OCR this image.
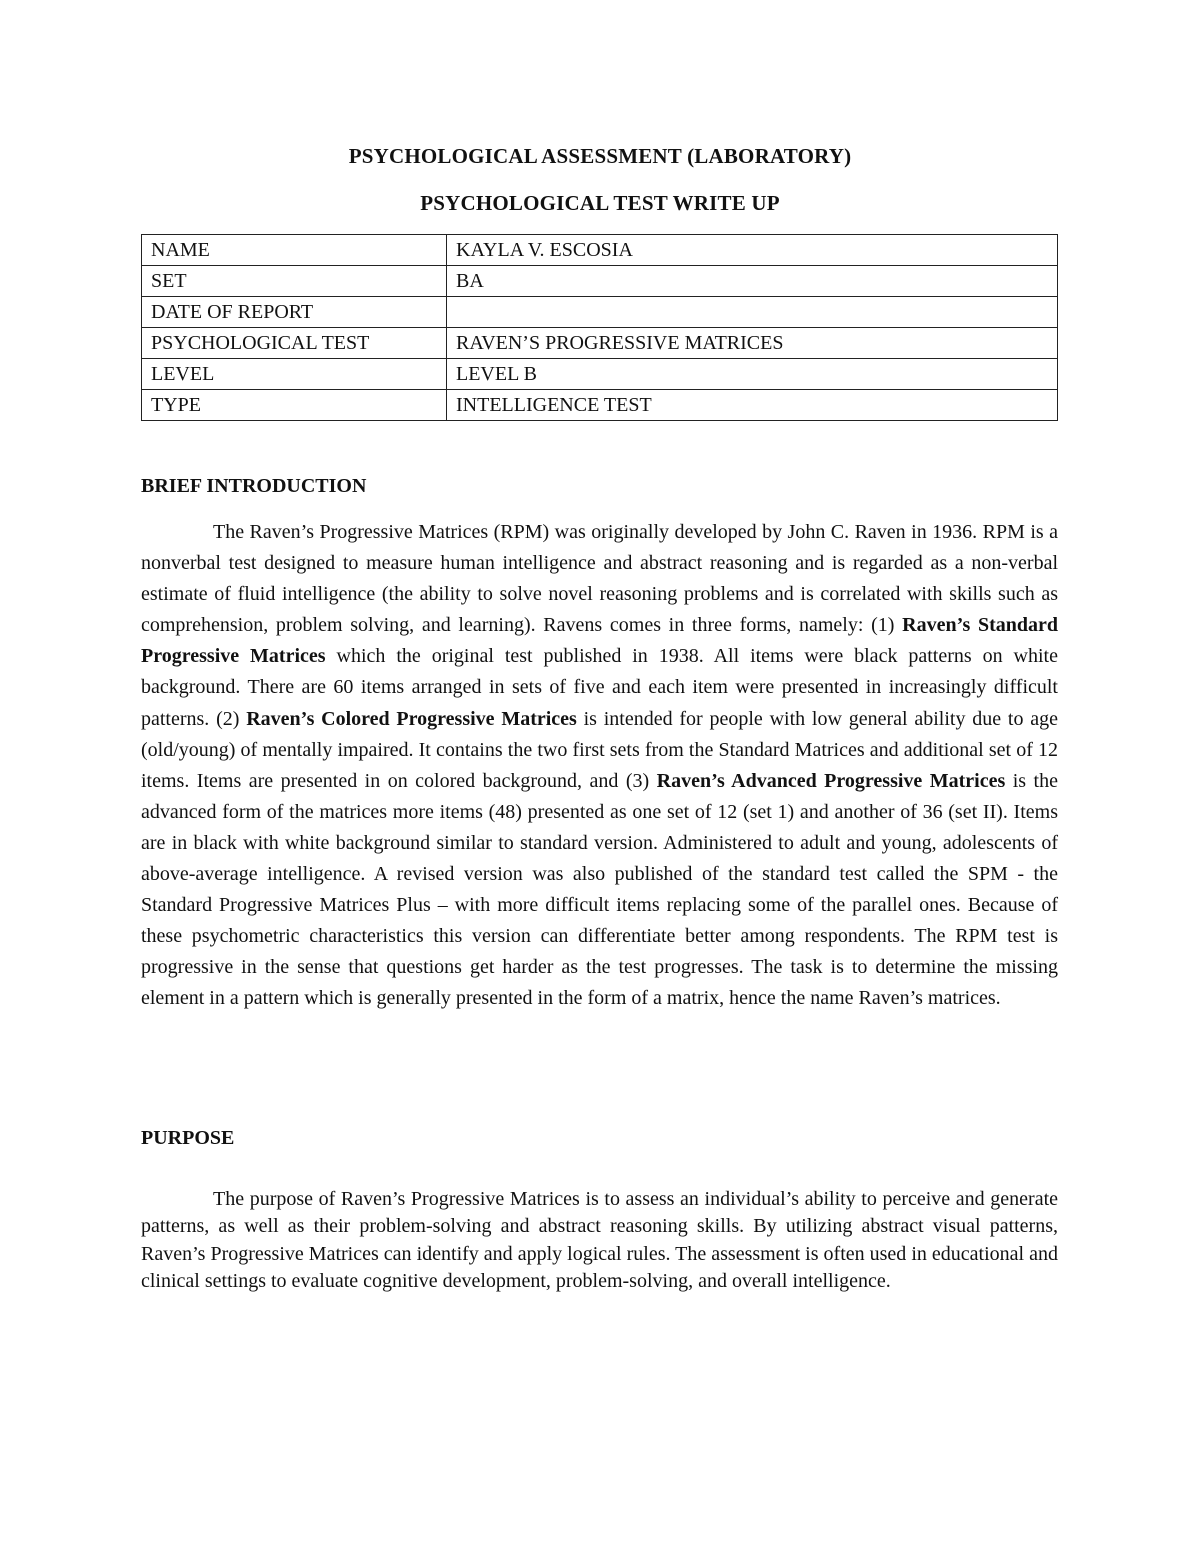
PSYCHOLOGICAL ASSESSMENT (LABORATORY)
PSYCHOLOGICAL TEST WRITE UP
NAME	KAYLA V. ESCOSIA
SET	BA
DATE OF REPORT	
PSYCHOLOGICAL TEST	RAVEN’S PROGRESSIVE MATRICES
LEVEL	LEVEL B
TYPE	INTELLIGENCE TEST
BRIEF INTRODUCTION

The Raven’s Progressive Matrices (RPM) was originally developed by John C. Raven in 1936. RPM is a nonverbal test designed to measure human intelligence and abstract reasoning and is regarded as a non-verbal estimate of fluid intelligence (the ability to solve novel reasoning problems and is correlated with skills such as comprehension, problem solving, and learning). Ravens comes in three forms, namely: (1) Raven’s Standard Progressive Matrices which the original test published in 1938. All items were black patterns on white background. There are 60 items arranged in sets of five and each item were presented in increasingly difficult patterns. (2) Raven’s Colored Progressive Matrices is intended for people with low general ability due to age (old/young) of mentally impaired. It contains the two first sets from the Standard Matrices and additional set of 12 items. Items are presented in on colored background, and (3) Raven’s Advanced Progressive Matrices is the advanced form of the matrices more items (48) presented as one set of 12 (set 1) and another of 36 (set II). Items are in black with white background similar to standard version. Administered to adult and young, adolescents of above-average intelligence. A revised version was also published of the standard test called the SPM - the Standard Progressive Matrices Plus – with more difficult items replacing some of the parallel ones. Because of these psychometric characteristics this version can differentiate better among respondents. The RPM test is progressive in the sense that questions get harder as the test progresses. The task is to determine the missing element in a pattern which is generally presented in the form of a matrix, hence the name Raven’s matrices.

PURPOSE

The purpose of Raven’s Progressive Matrices is to assess an individual’s ability to perceive and generate patterns, as well as their problem-solving and abstract reasoning skills. By utilizing abstract visual patterns, Raven’s Progressive Matrices can identify and apply logical rules. The assessment is often used in educational and clinical settings to evaluate cognitive development, problem-solving, and overall intelligence.
